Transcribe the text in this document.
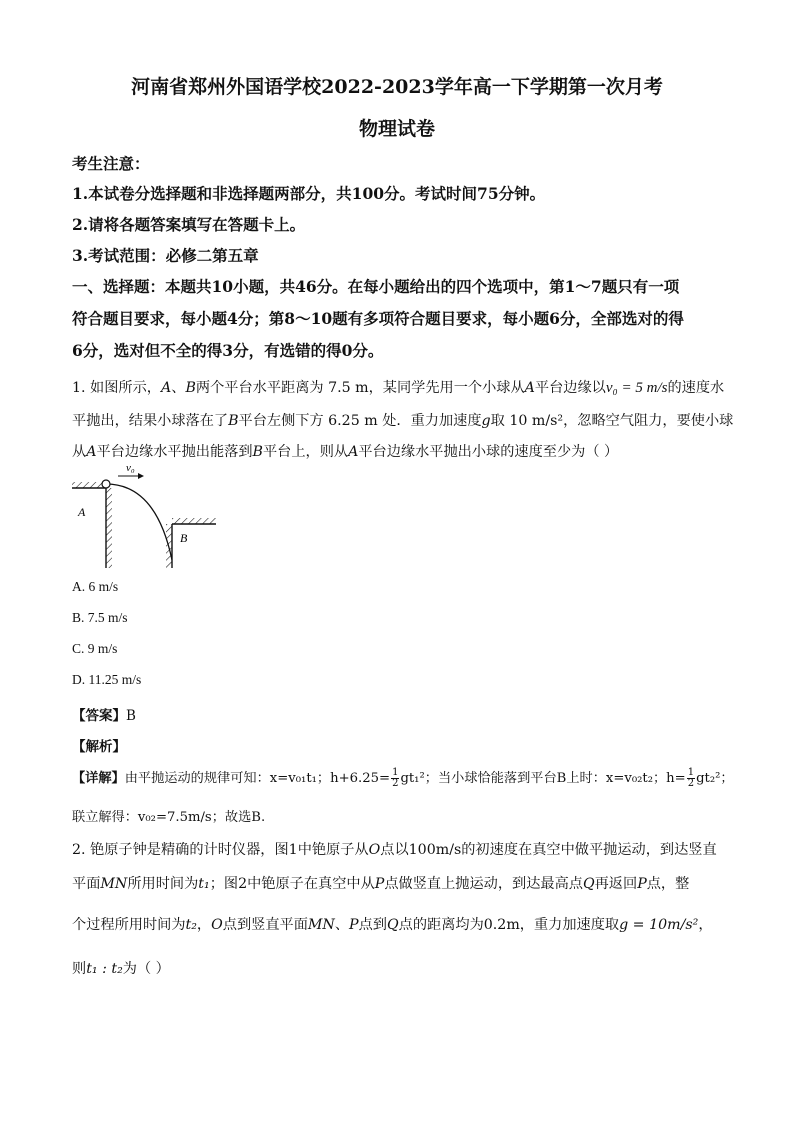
河南省郑州外国语学校2022-2023学年高一下学期第一次月考
物理试卷
考生注意：
1.本试卷分选择题和非选择题两部分，共100分。考试时间75分钟。
2.请将各题答案填写在答题卡上。
3.考试范围：必修二第五章
一、选择题：本题共10小题，共46分。在每小题给出的四个选项中，第1～7题只有一项
符合题目要求，每小题4分；第8～10题有多项符合题目要求，每小题6分，全部选对的得
6分，选对但不全的得3分，有选错的得0分。
1. 如图所示，A、B两个平台水平距离为 7.5 m，某同学先用一个小球从A平台边缘以v₀ = 5 m/s的速度水
平抛出，结果小球落在了B平台左侧下方 6.25 m 处．重力加速度g取 10 m/s²，忽略空气阻力，要使小球
从A平台边缘水平抛出能落到B平台上，则从A平台边缘水平抛出小球的速度至少为（ ）
v₀
A
B
A. 6 m/s
B. 7.5 m/s
C. 9 m/s
D. 11.25 m/s
【答案】B
【解析】
【详解】由平抛运动的规律可知：x=v₀₁t₁；$h+6.25= \frac{1}{2} gt_1^2$；当小球恰能落到平台B上时：x=v₀₂t₂；$h= \frac{1}{2} gt_2^2$；
联立解得：v₀₂=7.5m/s；故选B.
2. 铯原子钟是精确的计时仪器，图1中铯原子从O点以100m/s的初速度在真空中做平抛运动，到达竖直
平面MN所用时间为t₁；图2中铯原子在真空中从P点做竖直上抛运动，到达最高点Q再返回P点，整
个过程所用时间为t₂，O点到竖直平面MN、P点到Q点的距离均为0.2m，重力加速度取g = 10m/s²，
则t₁ : t₂为（ ）
